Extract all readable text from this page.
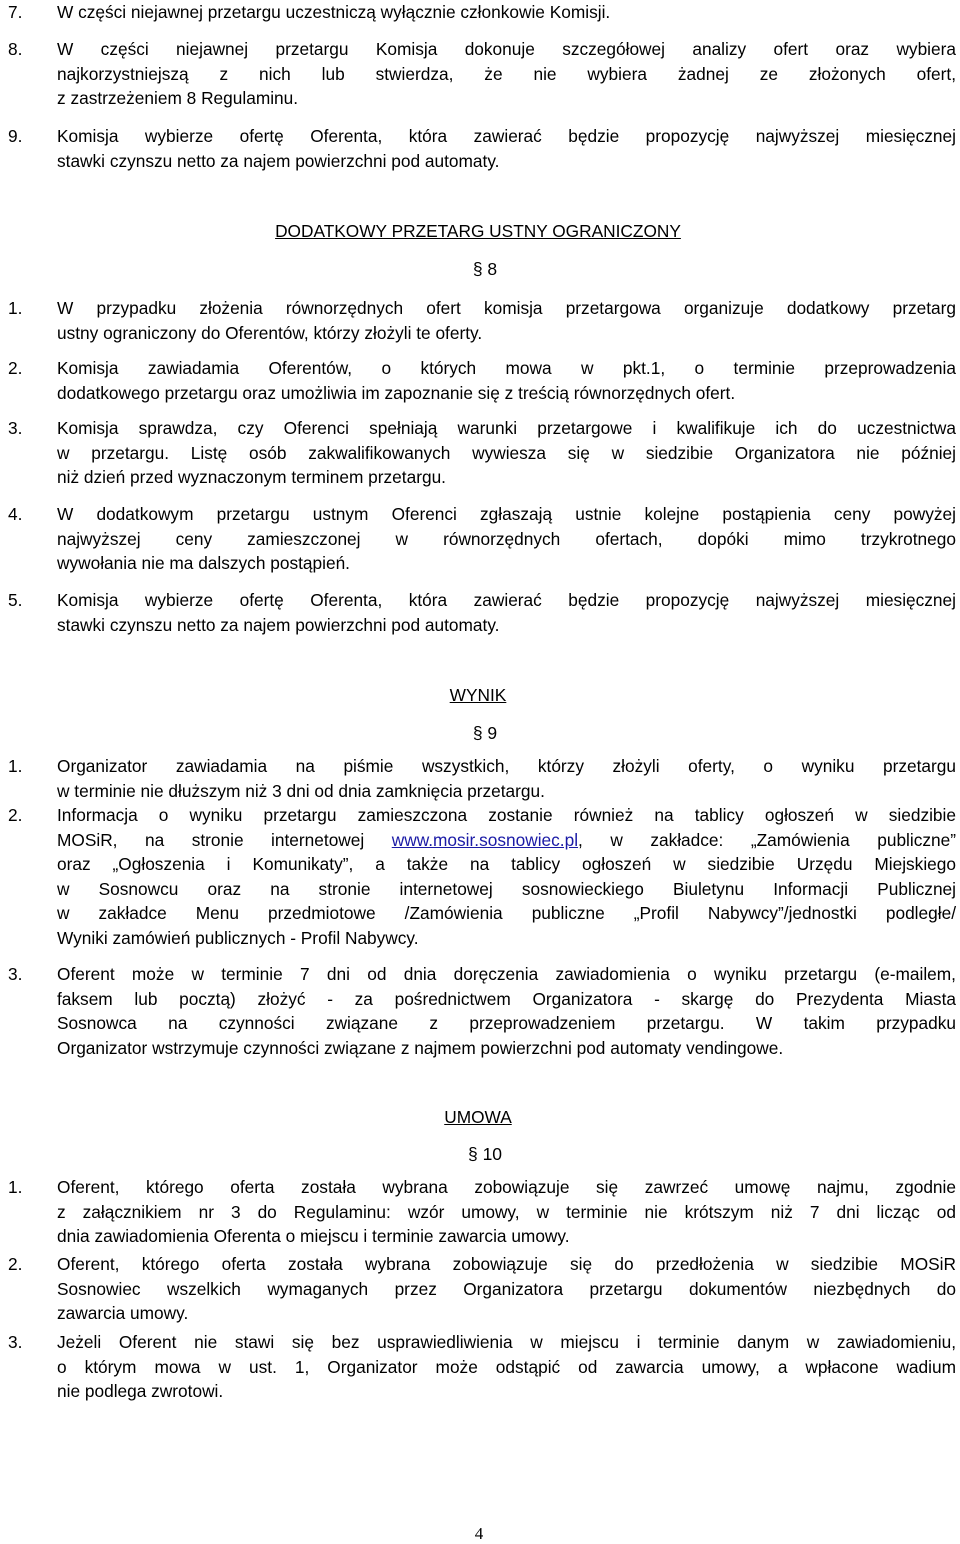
7. W części niejawnej przetargu uczestniczą wyłącznie członkowie Komisji.
8. W części niejawnej przetargu Komisja dokonuje szczegółowej analizy ofert oraz wybiera
najkorzystniejszą z nich lub stwierdza, że nie wybiera żadnej ze złożonych ofert,
z zastrzeżeniem 8 Regulaminu.
9. Komisja wybierze ofertę Oferenta, która zawierać będzie propozycję najwyższej miesięcznej
stawki czynszu netto za najem powierzchni pod automaty.
DODATKOWY PRZETARG USTNY OGRANICZONY
§ 8
1. W przypadku złożenia równorzędnych ofert komisja przetargowa organizuje dodatkowy przetarg
ustny ograniczony do Oferentów, którzy złożyli te oferty.
2. Komisja zawiadamia Oferentów, o których mowa w pkt.1, o terminie przeprowadzenia
dodatkowego przetargu oraz umożliwia im zapoznanie się z treścią równorzędnych ofert.
3. Komisja sprawdza, czy Oferenci spełniają warunki przetargowe i kwalifikuje ich do uczestnictwa
w przetargu. Listę osób zakwalifikowanych wywiesza się w siedzibie Organizatora nie później
niż dzień przed wyznaczonym terminem przetargu.
4. W dodatkowym przetargu ustnym Oferenci zgłaszają ustnie kolejne postąpienia ceny powyżej
najwyższej ceny zamieszczonej w równorzędnych ofertach, dopóki mimo trzykrotnego
wywołania nie ma dalszych postąpień.
5. Komisja wybierze ofertę Oferenta, która zawierać będzie propozycję najwyższej miesięcznej
stawki czynszu netto za najem powierzchni pod automaty.
WYNIK
§ 9
1. Organizator zawiadamia na piśmie wszystkich, którzy złożyli oferty, o wyniku przetargu
w terminie nie dłuższym niż 3 dni od dnia zamknięcia przetargu.
2. Informacja o wyniku przetargu zamieszczona zostanie również na tablicy ogłoszeń w siedzibie
MOSiR, na stronie internetowej www.mosir.sosnowiec.pl, w zakładce: „Zamówienia publiczne”
oraz „Ogłoszenia i Komunikaty”, a także na tablicy ogłoszeń w siedzibie Urzędu Miejskiego
w Sosnowcu oraz na stronie internetowej sosnowieckiego Biuletynu Informacji Publicznej
w zakładce Menu przedmiotowe /Zamówienia publiczne „Profil Nabywcy”/jednostki podległe/
Wyniki zamówień publicznych - Profil Nabywcy.
3. Oferent może w terminie 7 dni od dnia doręczenia zawiadomienia o wyniku przetargu (e-mailem,
faksem lub pocztą) złożyć - za pośrednictwem Organizatora - skargę do Prezydenta Miasta
Sosnowca na czynności związane z przeprowadzeniem przetargu. W takim przypadku
Organizator wstrzymuje czynności związane z najmem powierzchni pod automaty vendingowe.
UMOWA
§ 10
1. Oferent, którego oferta została wybrana zobowiązuje się zawrzeć umowę najmu, zgodnie
z załącznikiem nr 3 do Regulaminu: wzór umowy, w terminie nie krótszym niż 7 dni licząc od
dnia zawiadomienia Oferenta o miejscu i terminie zawarcia umowy.
2. Oferent, którego oferta została wybrana zobowiązuje się do przedłożenia w siedzibie MOSiR
Sosnowiec wszelkich wymaganych przez Organizatora przetargu dokumentów niezbędnych do
zawarcia umowy.
3. Jeżeli Oferent nie stawi się bez usprawiedliwienia w miejscu i terminie danym w zawiadomieniu,
o którym mowa w ust. 1, Organizator może odstąpić od zawarcia umowy, a wpłacone wadium
nie podlega zwrotowi.
4
